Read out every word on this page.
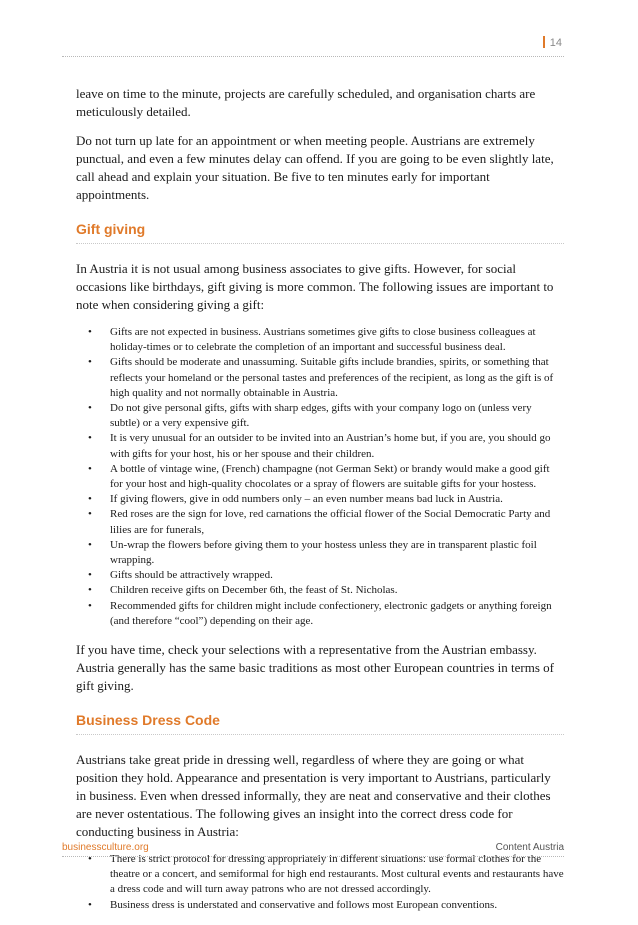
14

leave on time to the minute, projects are carefully scheduled, and organisation charts are meticulously detailed.

Do not turn up late for an appointment or when meeting people. Austrians are extremely punctual, and even a few minutes delay can offend. If you are going to be even slightly late, call ahead and explain your situation. Be five to ten minutes early for important appointments.

Gift giving

In Austria it is not usual among business associates to give gifts. However, for social occasions like birthdays, gift giving is more common. The following issues are important to note when considering giving a gift:

• Gifts are not expected in business. Austrians sometimes give gifts to close business colleagues at holiday-times or to celebrate the completion of an important and successful business deal.
• Gifts should be moderate and unassuming. Suitable gifts include brandies, spirits, or something that reflects your homeland or the personal tastes and preferences of the recipient, as long as the gift is of high quality and not normally obtainable in Austria.
• Do not give personal gifts, gifts with sharp edges, gifts with your company logo on (unless very subtle) or a very expensive gift.
• It is very unusual for an outsider to be invited into an Austrian’s home but, if you are, you should go with gifts for your host, his or her spouse and their children.
• A bottle of vintage wine, (French) champagne (not German Sekt) or brandy would make a good gift for your host and high-quality chocolates or a spray of flowers are suitable gifts for your hostess.
• If giving flowers, give in odd numbers only – an even number means bad luck in Austria.
• Red roses are the sign for love, red carnations the official flower of the Social Democratic Party and lilies are for funerals,
• Un-wrap the flowers before giving them to your hostess unless they are in transparent plastic foil wrapping.
• Gifts should be attractively wrapped.
• Children receive gifts on December 6th, the feast of St. Nicholas.
• Recommended gifts for children might include confectionery, electronic gadgets or anything foreign (and therefore “cool”) depending on their age.

If you have time, check your selections with a representative from the Austrian embassy. Austria generally has the same basic traditions as most other European countries in terms of gift giving.

Business Dress Code

Austrians take great pride in dressing well, regardless of where they are going or what position they hold. Appearance and presentation is very important to Austrians, particularly in business. Even when dressed informally, they are neat and conservative and their clothes are never ostentatious. The following gives an insight into the correct dress code for conducting business in Austria:

• There is strict protocol for dressing appropriately in different situations: use formal clothes for the theatre or a concert, and semiformal for high end restaurants. Most cultural events and restaurants have a dress code and will turn away patrons who are not dressed accordingly.
• Business dress is understated and conservative and follows most European conventions.
businessculture.org	Content Austria
